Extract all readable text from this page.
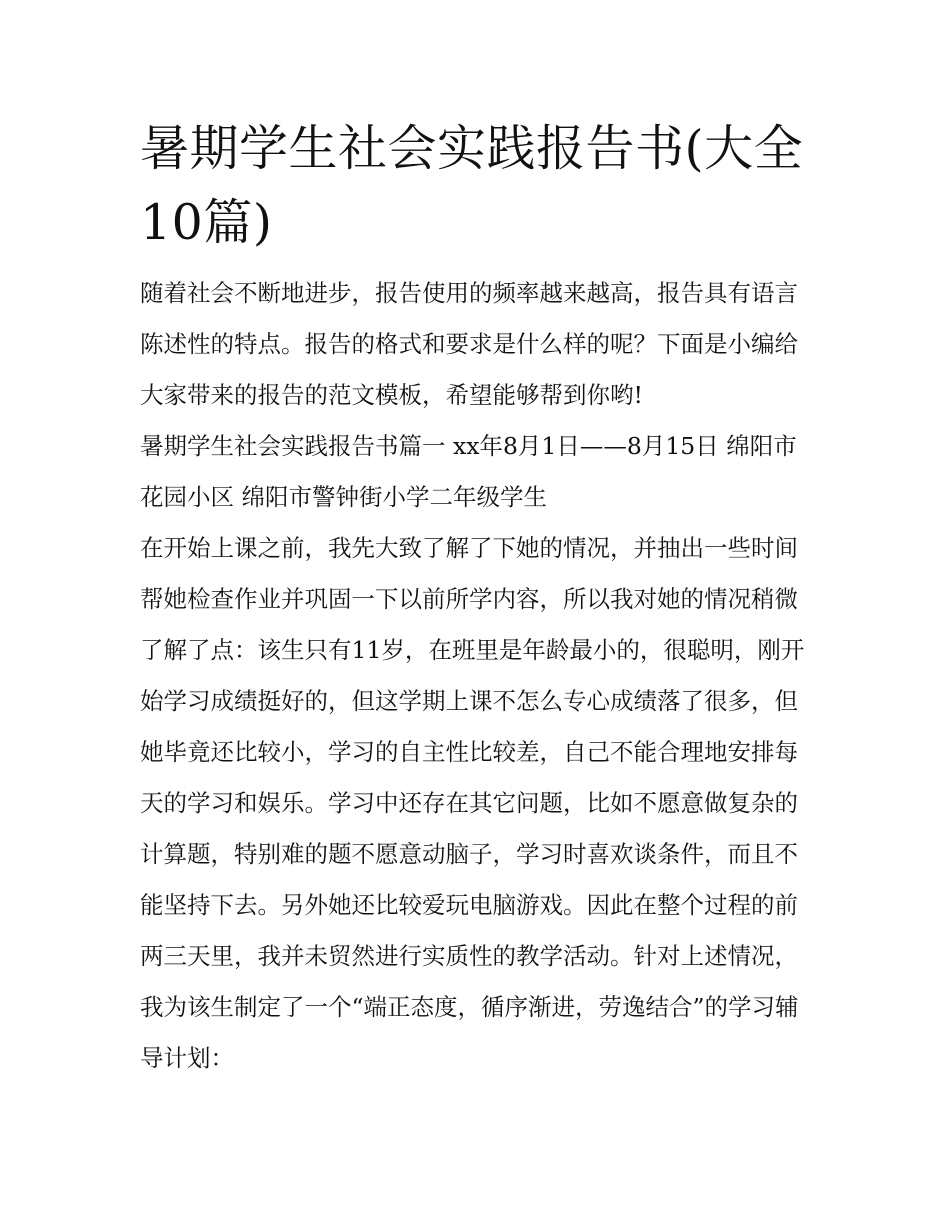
暑期学生社会实践报告书(大全10篇)

随着社会不断地进步，报告使用的频率越来越高，报告具有语言陈述性的特点。报告的格式和要求是什么样的呢？下面是小编给大家带来的报告的范文模板，希望能够帮到你哟!

暑期学生社会实践报告书篇一 xx年8月1日——8月15日 绵阳市花园小区 绵阳市警钟街小学二年级学生

在开始上课之前，我先大致了解了下她的情况，并抽出一些时间帮她检查作业并巩固一下以前所学内容，所以我对她的情况稍微了解了点：该生只有11岁，在班里是年龄最小的，很聪明，刚开始学习成绩挺好的，但这学期上课不怎么专心成绩落了很多，但她毕竟还比较小，学习的自主性比较差，自己不能合理地安排每天的学习和娱乐。学习中还存在其它问题，比如不愿意做复杂的计算题，特别难的题不愿意动脑子，学习时喜欢谈条件，而且不能坚持下去。另外她还比较爱玩电脑游戏。因此在整个过程的前两三天里，我并未贸然进行实质性的教学活动。针对上述情况，我为该生制定了一个“端正态度，循序渐进，劳逸结合”的学习辅导计划：
